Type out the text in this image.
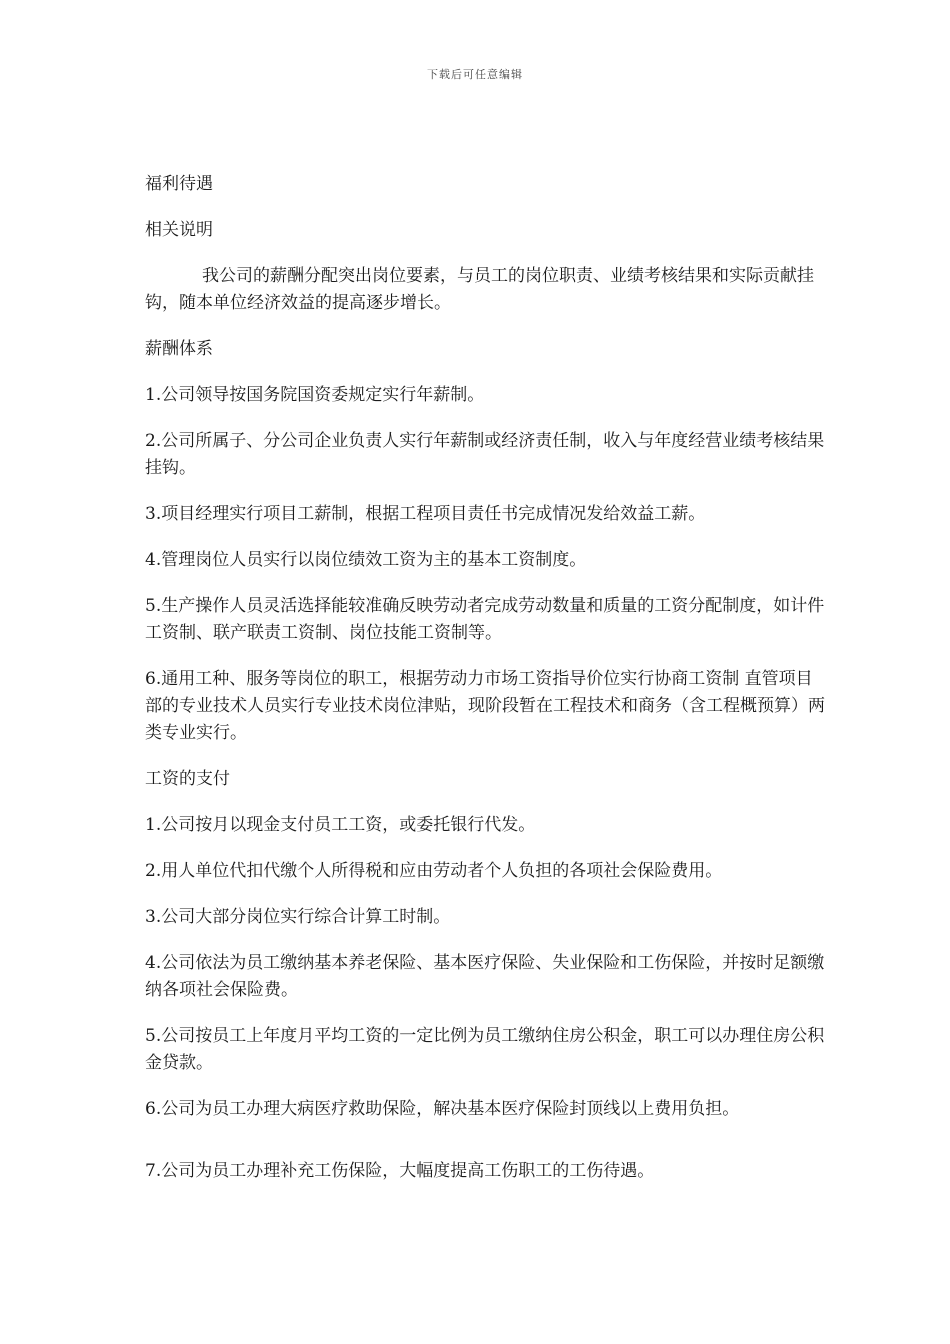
下载后可任意编辑

福利待遇

相关说明

我公司的薪酬分配突出岗位要素，与员工的岗位职责、业绩考核结果和实际贡献挂钩，随本单位经济效益的提高逐步增长。

薪酬体系

1.公司领导按国务院国资委规定实行年薪制。

2.公司所属子、分公司企业负责人实行年薪制或经济责任制，收入与年度经营业绩考核结果挂钩。

3.项目经理实行项目工薪制，根据工程项目责任书完成情况发给效益工薪。

4.管理岗位人员实行以岗位绩效工资为主的基本工资制度。

5.生产操作人员灵活选择能较准确反映劳动者完成劳动数量和质量的工资分配制度，如计件工资制、联产联责工资制、岗位技能工资制等。

6.通用工种、服务等岗位的职工，根据劳动力市场工资指导价位实行协商工资制 直管项目部的专业技术人员实行专业技术岗位津贴，现阶段暂在工程技术和商务（含工程概预算）两类专业实行。

工资的支付

1.公司按月以现金支付员工工资，或委托银行代发。

2.用人单位代扣代缴个人所得税和应由劳动者个人负担的各项社会保险费用。

3.公司大部分岗位实行综合计算工时制。

4.公司依法为员工缴纳基本养老保险、基本医疗保险、失业保险和工伤保险，并按时足额缴纳各项社会保险费。

5.公司按员工上年度月平均工资的一定比例为员工缴纳住房公积金，职工可以办理住房公积金贷款。

6.公司为员工办理大病医疗救助保险，解决基本医疗保险封顶线以上费用负担。

7.公司为员工办理补充工伤保险，大幅度提高工伤职工的工伤待遇。
